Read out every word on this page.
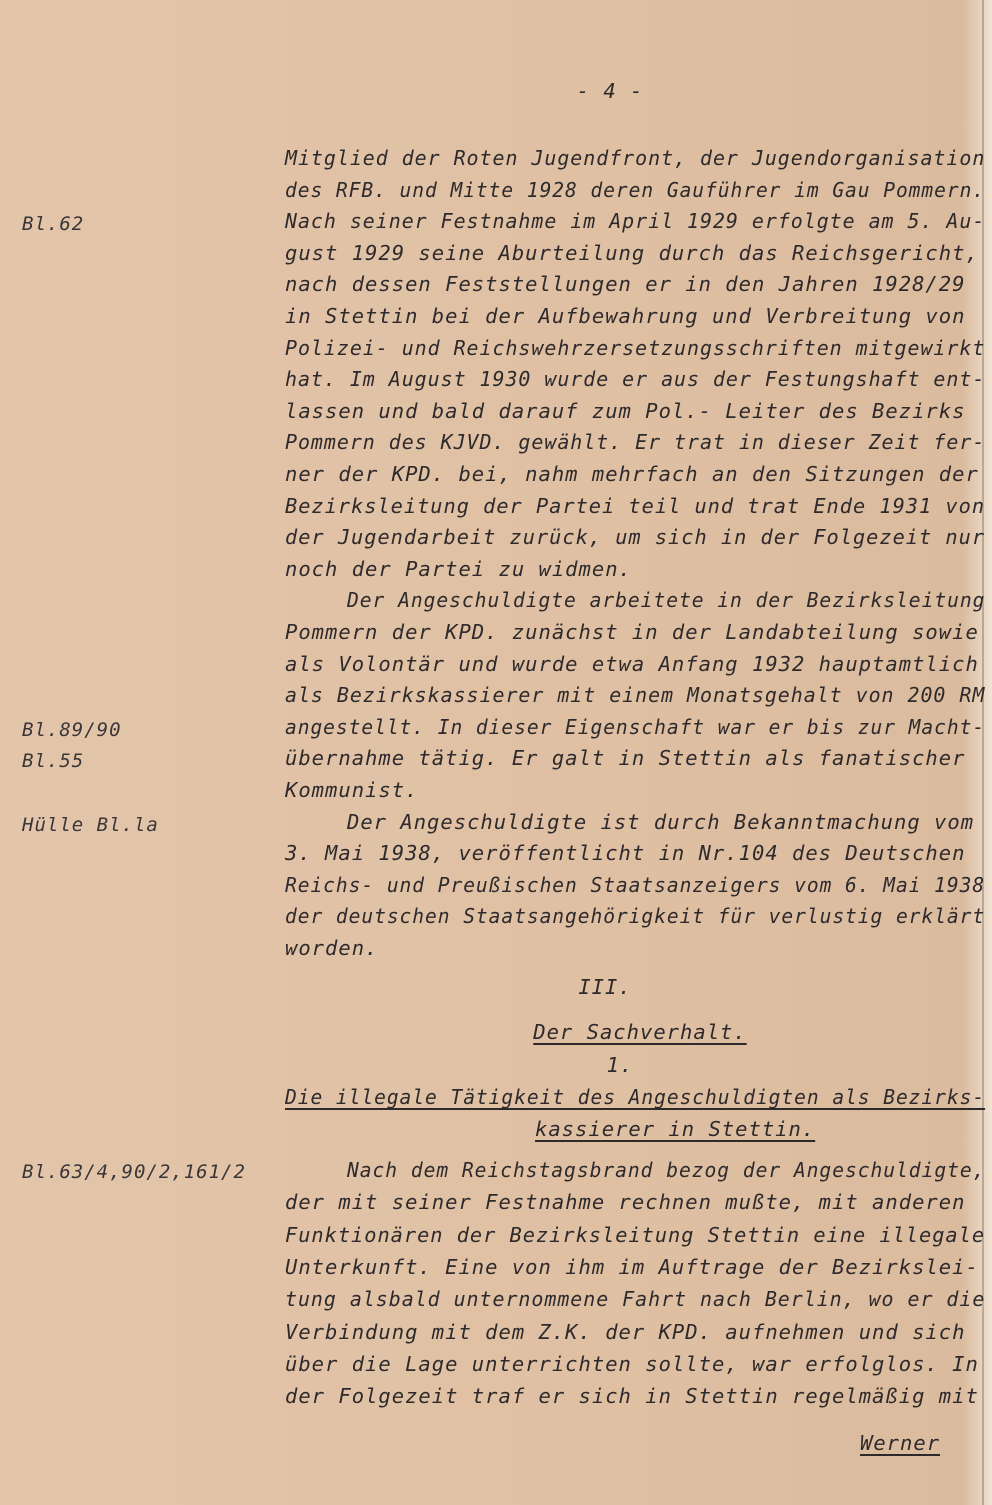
- 4 -
Bl.62
Bl.89/90
Bl.55
Hülle Bl.la
Bl.63/4,90/2,161/2
Mitglied der Roten Jugendfront, der Jugendorganisation
des RFB. und Mitte 1928 deren Gauführer im Gau Pommern.
Nach seiner Festnahme im April 1929 erfolgte am 5. Au-
gust 1929 seine Aburteilung durch das Reichsgericht,
nach dessen Feststellungen er in den Jahren 1928/29
in Stettin bei der Aufbewahrung und Verbreitung von
Polizei- und Reichswehrzersetzungsschriften mitgewirkt
hat. Im August 1930 wurde er aus der Festungshaft ent-
lassen und bald darauf zum Pol.- Leiter des Bezirks
Pommern des KJVD. gewählt. Er trat in dieser Zeit fer-
ner der KPD. bei, nahm mehrfach an den Sitzungen der
Bezirksleitung der Partei teil und trat Ende 1931 von
der Jugendarbeit zurück, um sich in der Folgezeit nur
noch der Partei zu widmen.
Der Angeschuldigte arbeitete in der Bezirksleitung
Pommern der KPD. zunächst in der Landabteilung sowie
als Volontär und wurde etwa Anfang 1932 hauptamtlich
als Bezirkskassierer mit einem Monatsgehalt von 200 RM
angestellt. In dieser Eigenschaft war er bis zur Macht-
übernahme tätig. Er galt in Stettin als fanatischer
Kommunist.
Der Angeschuldigte ist durch Bekanntmachung vom
3. Mai 1938, veröffentlicht in Nr.104 des Deutschen
Reichs- und Preußischen Staatsanzeigers vom 6. Mai 1938
der deutschen Staatsangehörigkeit für verlustig erklärt
worden.
III.
Der Sachverhalt.
1.
Die illegale Tätigkeit des Angeschuldigten als Bezirks-
kassierer in Stettin.
Nach dem Reichstagsbrand bezog der Angeschuldigte,
der mit seiner Festnahme rechnen mußte, mit anderen
Funktionären der Bezirksleitung Stettin eine illegale
Unterkunft. Eine von ihm im Auftrage der Bezirkslei-
tung alsbald unternommene Fahrt nach Berlin, wo er die
Verbindung mit dem Z.K. der KPD. aufnehmen und sich
über die Lage unterrichten sollte, war erfolglos. In
der Folgezeit traf er sich in Stettin regelmäßig mit
Werner
